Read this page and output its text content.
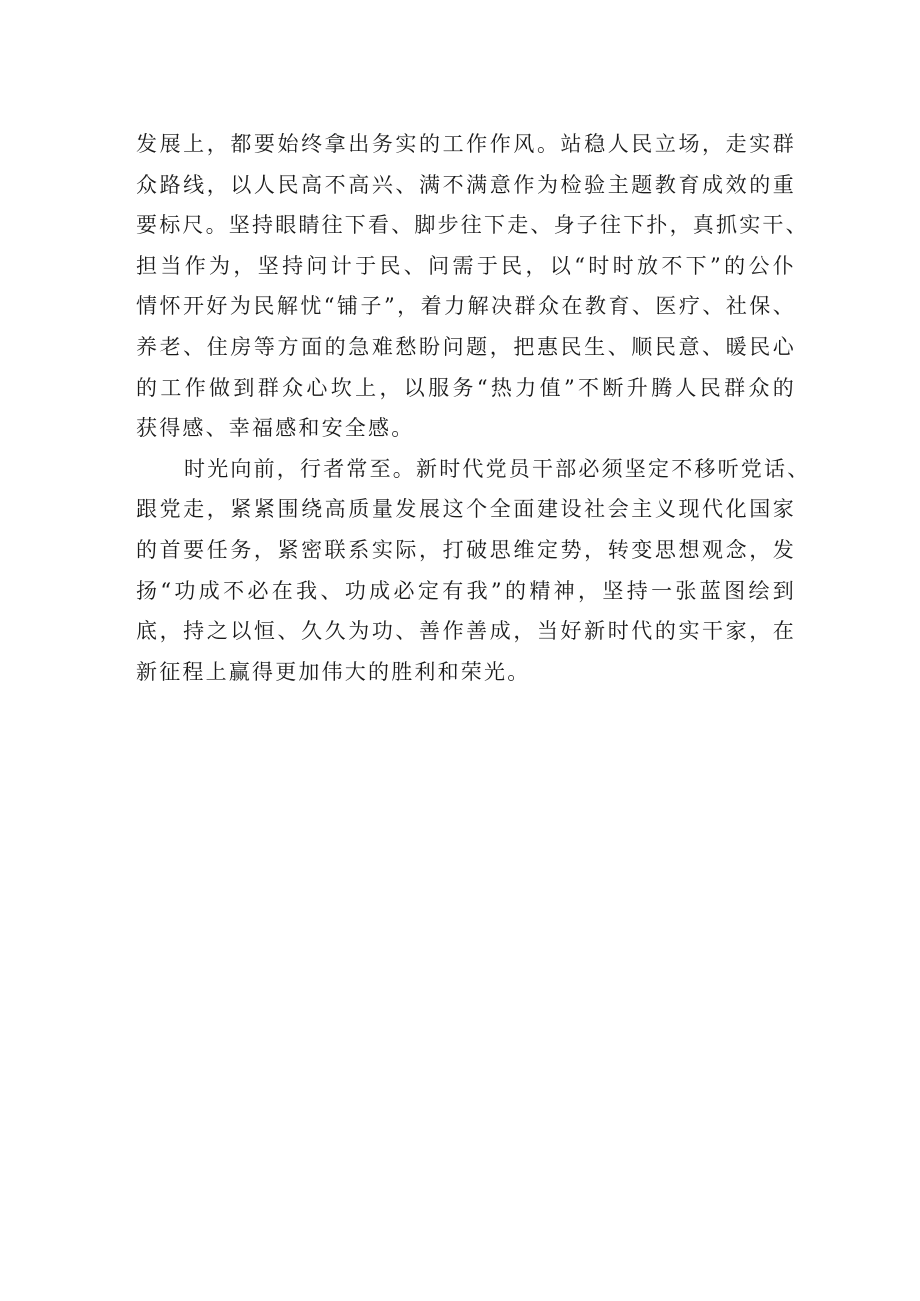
发展上，都要始终拿出务实的工作作风。站稳人民立场，走实群
众路线，以人民高不高兴、满不满意作为检验主题教育成效的重
要标尺。坚持眼睛往下看、脚步往下走、身子往下扑，真抓实干、
担当作为，坚持问计于民、问需于民，以“时时放不下”的公仆
情怀开好为民解忧“铺子”，着力解决群众在教育、医疗、社保、
养老、住房等方面的急难愁盼问题，把惠民生、顺民意、暖民心
的工作做到群众心坎上，以服务“热力值”不断升腾人民群众的
获得感、幸福感和安全感。

时光向前，行者常至。新时代党员干部必须坚定不移听党话、
跟党走，紧紧围绕高质量发展这个全面建设社会主义现代化国家
的首要任务，紧密联系实际，打破思维定势，转变思想观念，发
扬“功成不必在我、功成必定有我”的精神，坚持一张蓝图绘到
底，持之以恒、久久为功、善作善成，当好新时代的实干家，在
新征程上赢得更加伟大的胜利和荣光。
